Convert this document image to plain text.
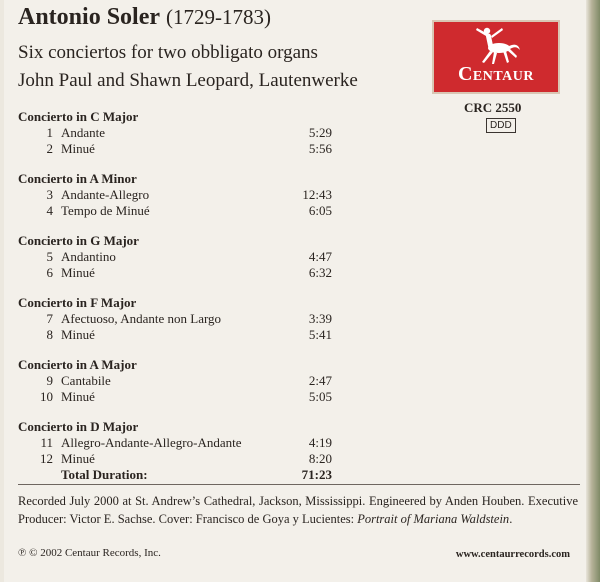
Antonio Soler (1729-1783)
Six conciertos for two obbligato organs
John Paul and Shawn Leopard, Lautenwerke	Centaur
CRC 2550
DDD
Concierto in C Major
1 Andante	5:29
2 Minué	5:56
Concierto in A Minor
3 Andante-Allegro	12:43
4 Tempo de Minué	6:05
Concierto in G Major
5 Andantino	4:47
6 Minué	6:32
Concierto in F Major
7 Afectuoso, Andante non Largo	3:39
8 Minué	5:41
Concierto in A Major
9 Cantabile	2:47
10 Minué	5:05
Concierto in D Major
11 Allegro-Andante-Allegro-Andante	4:19
12 Minué	8:20
Total Duration:	71:23
Recorded July 2000 at St. Andrew’s Cathedral, Jackson, Mississippi. Engineered by Anden Houben. Executive Producer: Victor E. Sachse. Cover: Francisco de Goya y Lucientes: Portrait of Mariana Waldstein.
℗ © 2002 Centaur Records, Inc.	www.centaurrecords.com
